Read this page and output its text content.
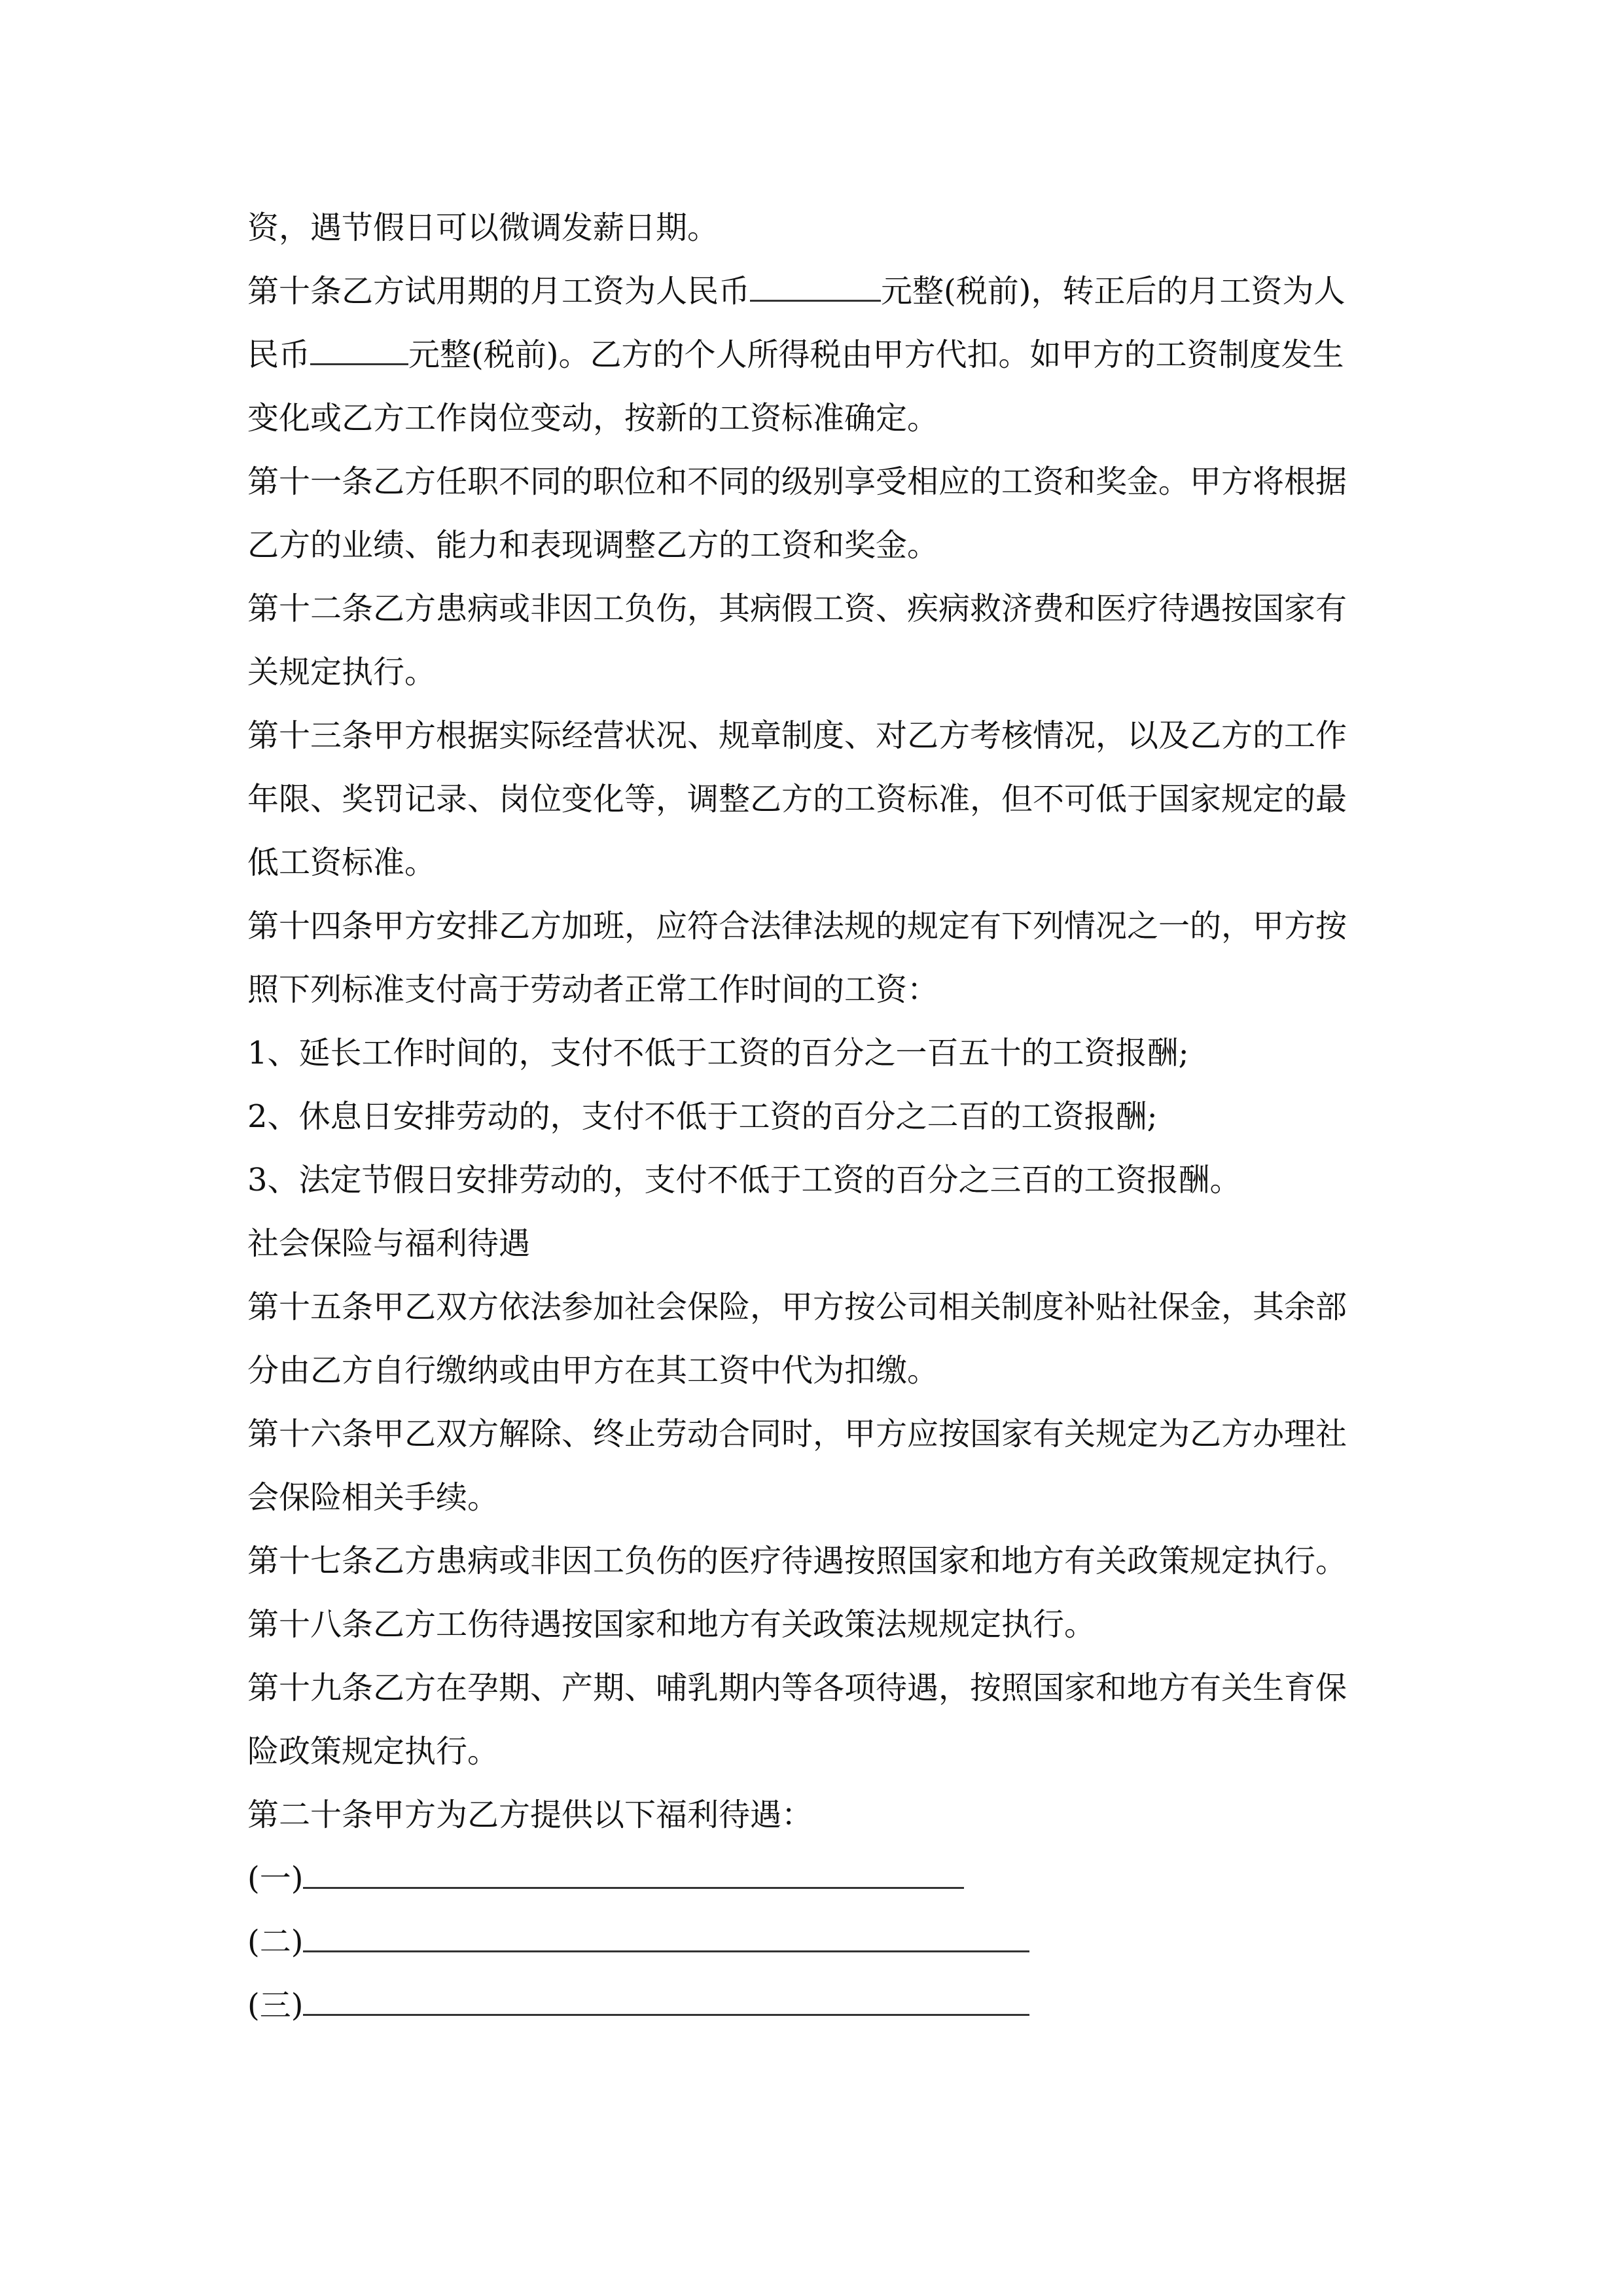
资，遇节假日可以微调发薪日期。
第十条乙方试用期的月工资为人民币	元整(税前)，转正后的月工资为人
民币	元整(税前)。乙方的个人所得税由甲方代扣。如甲方的工资制度发生
变化或乙方工作岗位变动，按新的工资标准确定。
第十一条乙方任职不同的职位和不同的级别享受相应的工资和奖金。甲方将根据
乙方的业绩、能力和表现调整乙方的工资和奖金。
第十二条乙方患病或非因工负伤，其病假工资、疾病救济费和医疗待遇按国家有
关规定执行。
第十三条甲方根据实际经营状况、规章制度、对乙方考核情况，以及乙方的工作
年限、奖罚记录、岗位变化等，调整乙方的工资标准，但不可低于国家规定的最
低工资标准。
第十四条甲方安排乙方加班，应符合法律法规的规定有下列情况之一的，甲方按
照下列标准支付高于劳动者正常工作时间的工资：
1、延长工作时间的，支付不低于工资的百分之一百五十的工资报酬;
2、休息日安排劳动的，支付不低于工资的百分之二百的工资报酬;
3、法定节假日安排劳动的，支付不低于工资的百分之三百的工资报酬。
社会保险与福利待遇
第十五条甲乙双方依法参加社会保险，甲方按公司相关制度补贴社保金，其余部
分由乙方自行缴纳或由甲方在其工资中代为扣缴。
第十六条甲乙双方解除、终止劳动合同时，甲方应按国家有关规定为乙方办理社
会保险相关手续。
第十七条乙方患病或非因工负伤的医疗待遇按照国家和地方有关政策规定执行。
第十八条乙方工伤待遇按国家和地方有关政策法规规定执行。
第十九条乙方在孕期、产期、哺乳期内等各项待遇，按照国家和地方有关生育保
险政策规定执行。
第二十条甲方为乙方提供以下福利待遇：
(一)
(二)
(三)
